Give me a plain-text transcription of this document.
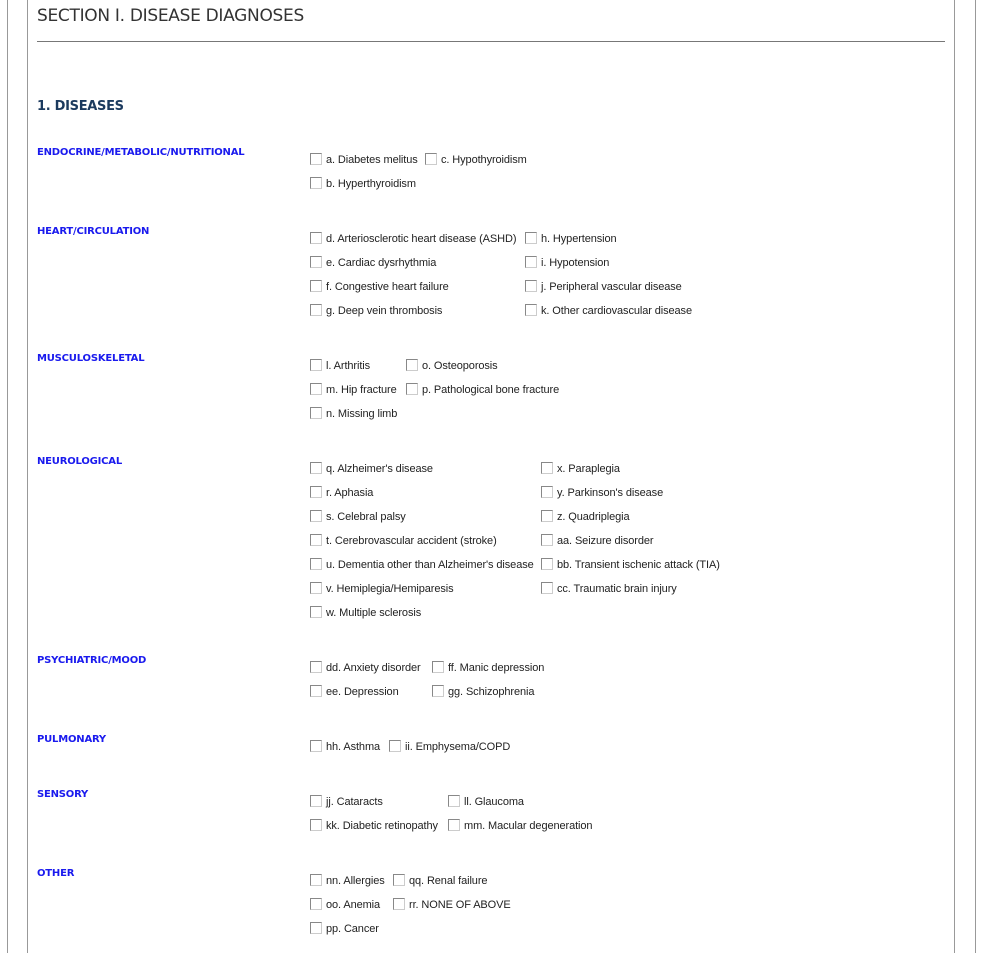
SECTION I. DISEASE DIAGNOSES
1. DISEASES
ENDOCRINE/METABOLIC/NUTRITIONAL
a. Diabetes melitus
b. Hyperthyroidism
c. Hypothyroidism
HEART/CIRCULATION
d. Arteriosclerotic heart disease (ASHD)
e. Cardiac dysrhythmia
f. Congestive heart failure
g. Deep vein thrombosis
h. Hypertension
i. Hypotension
j. Peripheral vascular disease
k. Other cardiovascular disease
MUSCULOSKELETAL
l. Arthritis
m. Hip fracture
n. Missing limb
o. Osteoporosis
p. Pathological bone fracture
NEUROLOGICAL
q. Alzheimer's disease
r. Aphasia
s. Celebral palsy
t. Cerebrovascular accident (stroke)
u. Dementia other than Alzheimer's disease
v. Hemiplegia/Hemiparesis
w. Multiple sclerosis
x. Paraplegia
y. Parkinson's disease
z. Quadriplegia
aa. Seizure disorder
bb. Transient ischenic attack (TIA)
cc. Traumatic brain injury
PSYCHIATRIC/MOOD
dd. Anxiety disorder
ee. Depression
ff. Manic depression
gg. Schizophrenia
PULMONARY
hh. Asthma ii. Emphysema/COPD
SENSORY
jj. Cataracts
kk. Diabetic retinopathy
ll. Glaucoma
mm. Macular degeneration
OTHER
nn. Allergies
oo. Anemia
pp. Cancer
qq. Renal failure
rr. NONE OF ABOVE
